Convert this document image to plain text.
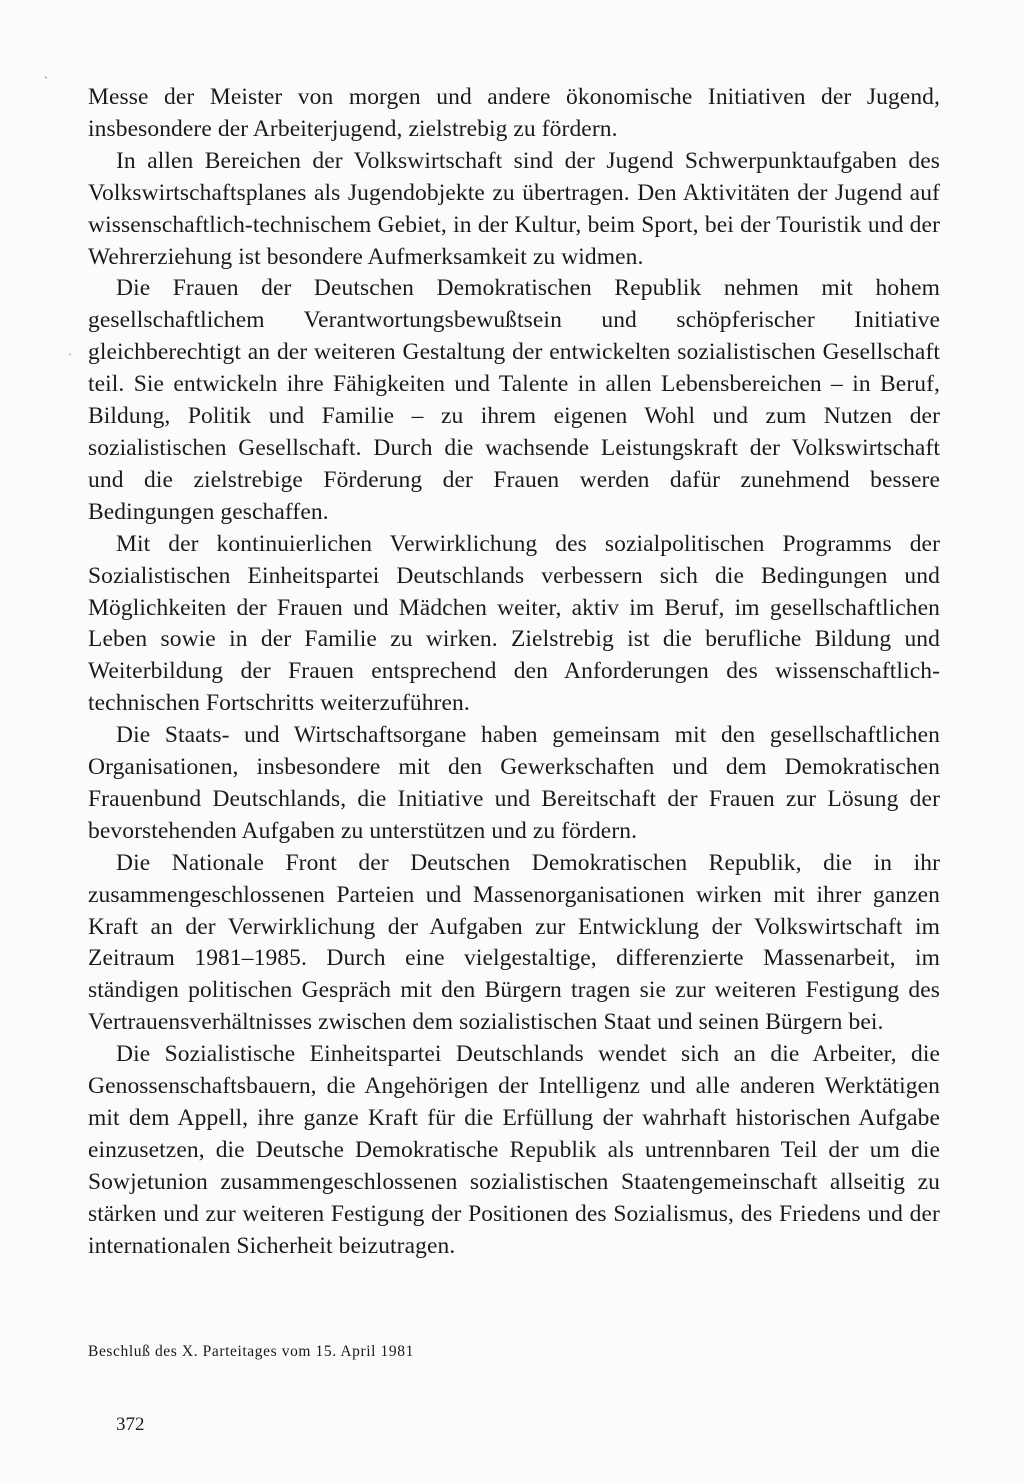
ˎ
ˈ

Messe der Meister von morgen und andere ökonomische Initiativen der Jugend, insbesondere der Arbeiterjugend, zielstrebig zu fördern.

In allen Bereichen der Volkswirtschaft sind der Jugend Schwerpunktaufgaben des Volkswirtschaftsplanes als Jugendobjekte zu übertragen. Den Aktivitäten der Jugend auf wissenschaftlich-technischem Gebiet, in der Kultur, beim Sport, bei der Touristik und der Wehrerziehung ist besondere Aufmerksamkeit zu widmen.

Die Frauen der Deutschen Demokratischen Republik nehmen mit hohem gesellschaftlichem Verantwortungsbewußtsein und schöpferischer Initiative gleichberechtigt an der weiteren Gestaltung der entwickelten sozialistischen Gesellschaft teil. Sie entwickeln ihre Fähigkeiten und Talente in allen Lebensbereichen – in Beruf, Bildung, Politik und Familie – zu ihrem eigenen Wohl und zum Nutzen der sozialistischen Gesellschaft. Durch die wachsende Leistungskraft der Volkswirtschaft und die zielstrebige Förderung der Frauen werden dafür zunehmend bessere Bedingungen geschaffen.

Mit der kontinuierlichen Verwirklichung des sozialpolitischen Programms der Sozialistischen Einheitspartei Deutschlands verbessern sich die Bedingungen und Möglichkeiten der Frauen und Mädchen weiter, aktiv im Beruf, im gesellschaftlichen Leben sowie in der Familie zu wirken. Zielstrebig ist die berufliche Bildung und Weiterbildung der Frauen entsprechend den Anforderungen des wissenschaftlich-technischen Fortschritts weiterzuführen.

Die Staats- und Wirtschaftsorgane haben gemeinsam mit den gesellschaftlichen Organisationen, insbesondere mit den Gewerkschaften und dem Demokratischen Frauenbund Deutschlands, die Initiative und Bereitschaft der Frauen zur Lösung der bevorstehenden Aufgaben zu unterstützen und zu fördern.

Die Nationale Front der Deutschen Demokratischen Republik, die in ihr zusammengeschlossenen Parteien und Massenorganisationen wirken mit ihrer ganzen Kraft an der Verwirklichung der Aufgaben zur Entwicklung der Volkswirtschaft im Zeitraum 1981–1985. Durch eine vielgestaltige, differenzierte Massenarbeit, im ständigen politischen Gespräch mit den Bürgern tragen sie zur weiteren Festigung des Vertrauensverhältnisses zwischen dem sozialistischen Staat und seinen Bürgern bei.

Die Sozialistische Einheitspartei Deutschlands wendet sich an die Arbeiter, die Genossenschaftsbauern, die Angehörigen der Intelligenz und alle anderen Werktätigen mit dem Appell, ihre ganze Kraft für die Erfüllung der wahrhaft historischen Aufgabe einzusetzen, die Deutsche Demokratische Republik als untrennbaren Teil der um die Sowjetunion zusammengeschlossenen sozialistischen Staatengemeinschaft allseitig zu stärken und zur weiteren Festigung der Positionen des Sozialismus, des Friedens und der internationalen Sicherheit beizutragen.

Beschluß des X. Parteitages vom 15. April 1981
372
